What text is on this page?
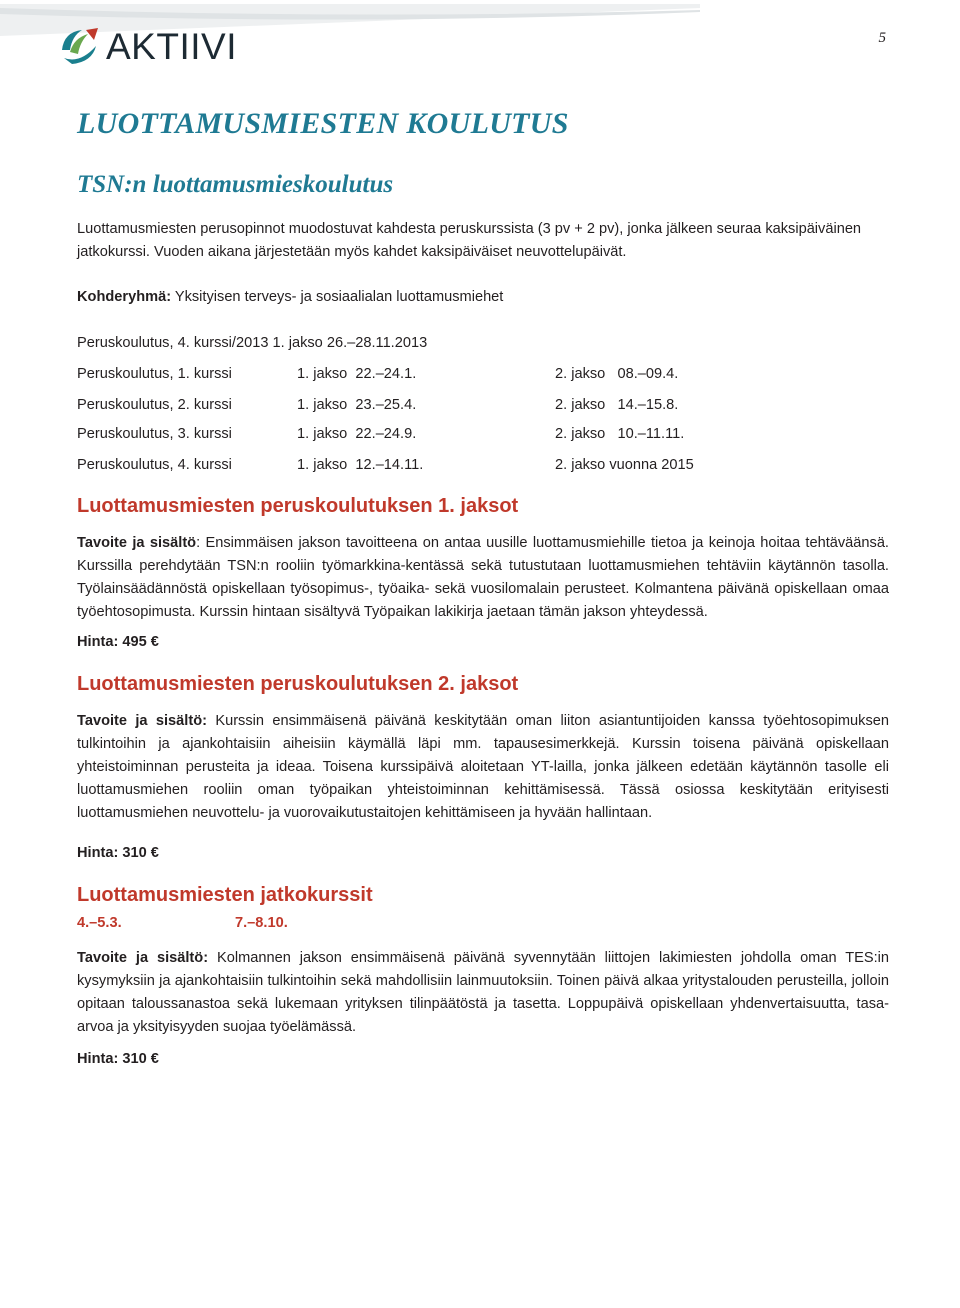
AKTIIVI	5
LUOTTAMUSMIESTEN KOULUTUS
TSN:n luottamusmieskoulutus

Luottamusmiesten perusopinnot muodostuvat kahdesta peruskurssista (3 pv + 2 pv), jonka jälkeen seuraa kaksipäiväinen jatkokurssi. Vuoden aikana järjestetään myös kahdet kaksipäiväiset neuvottelupäivät.

Kohderyhmä: Yksityisen terveys- ja sosiaalialan luottamusmiehet

Peruskoulutus, 4. kurssi/2013 1. jakso 26.–28.11.2013
Peruskoulutus, 1. kurssi	1. jakso  22.–24.1.	2. jakso   08.–09.4.
Peruskoulutus, 2. kurssi	1. jakso  23.–25.4.	2. jakso   14.–15.8.
Peruskoulutus, 3. kurssi	1. jakso  22.–24.9.	2. jakso   10.–11.11.
Peruskoulutus, 4. kurssi	1. jakso  12.–14.11.	2. jakso vuonna 2015
Luottamusmiesten peruskoulutuksen 1. jaksot

Tavoite ja sisältö: Ensimmäisen jakson tavoitteena on antaa uusille luottamusmiehille tietoa ja keinoja hoitaa tehtäväänsä. Kurssilla perehdytään TSN:n rooliin työmarkkina-kentässä sekä tutustutaan luottamusmiehen tehtäviin käytännön tasolla. Työlainsäädännöstä opiskellaan työsopimus-, työaika- sekä vuosilomalain perusteet. Kolmantena päivänä opiskellaan omaa työehtosopimusta. Kurssin hintaan sisältyvä Työpaikan lakikirja jaetaan tämän jakson yhteydessä.

Hinta: 495 €
Luottamusmiesten peruskoulutuksen 2. jaksot

Tavoite ja sisältö: Kurssin ensimmäisenä päivänä keskitytään oman liiton asiantuntijoiden kanssa työehtosopimuksen tulkintoihin ja ajankohtaisiin aiheisiin käymällä läpi mm. tapausesimerkkejä. Kurssin toisena päivänä opiskellaan yhteistoiminnan perusteita ja ideaa. Toisena kurssipäivä aloitetaan YT-lailla, jonka jälkeen edetään käytännön tasolle eli luottamusmiehen rooliin oman työpaikan yhteistoiminnan kehittämisessä. Tässä osiossa keskitytään erityisesti luottamusmiehen neuvottelu- ja vuorovaikutustaitojen kehittämiseen ja hyvään hallintaan.

Hinta: 310 €
Luottamusmiesten jatkokurssit
4.–5.3.	7.–8.10.

Tavoite ja sisältö: Kolmannen jakson ensimmäisenä päivänä syvennytään liittojen lakimiesten johdolla oman TES:in kysymyksiin ja ajankohtaisiin tulkintoihin sekä mahdollisiin lainmuutoksiin. Toinen päivä alkaa yritystalouden perusteilla, jolloin opitaan taloussanastoa sekä lukemaan yrityksen tilinpäätöstä ja tasetta. Loppupäivä opiskellaan yhdenvertaisuutta, tasa-arvoa ja yksityisyyden suojaa työelämässä.

Hinta: 310 €
